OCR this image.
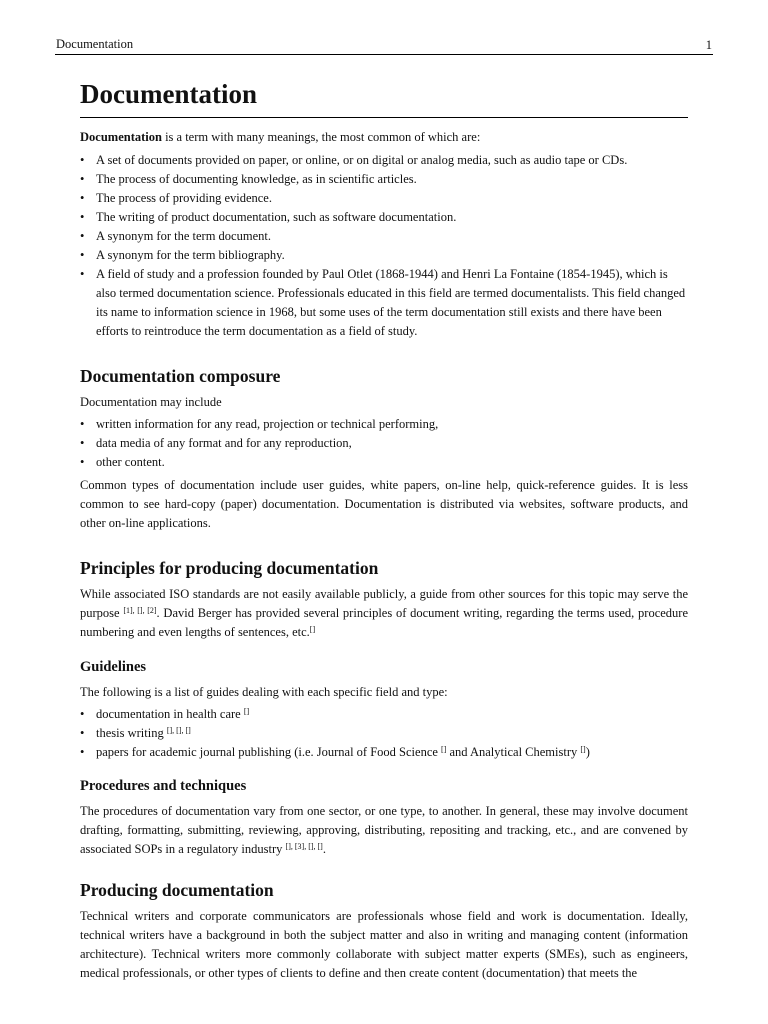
Documentation	1
Documentation

Documentation is a term with many meanings, the most common of which are:

• A set of documents provided on paper, or online, or on digital or analog media, such as audio tape or CDs.
• The process of documenting knowledge, as in scientific articles.
• The process of providing evidence.
• The writing of product documentation, such as software documentation.
• A synonym for the term document.
• A synonym for the term bibliography.
• A field of study and a profession founded by Paul Otlet (1868-1944) and Henri La Fontaine (1854-1945), which is also termed documentation science. Professionals educated in this field are termed documentalists. This field changed its name to information science in 1968, but some uses of the term documentation still exists and there have been efforts to reintroduce the term documentation as a field of study.
Documentation composure

Documentation may include

• written information for any read, projection or technical performing,
• data media of any format and for any reproduction,
• other content.

Common types of documentation include user guides, white papers, on-line help, quick-reference guides. It is less common to see hard-copy (paper) documentation. Documentation is distributed via websites, software products, and other on-line applications.

Principles for producing documentation

While associated ISO standards are not easily available publicly, a guide from other sources for this topic may serve the purpose [1], [], [2]. David Berger has provided several principles of document writing, regarding the terms used, procedure numbering and even lengths of sentences, etc.[]

Guidelines

The following is a list of guides dealing with each specific field and type:

• documentation in health care []
• thesis writing [], [], []
• papers for academic journal publishing (i.e. Journal of Food Science [] and Analytical Chemistry [])
Procedures and techniques

The procedures of documentation vary from one sector, or one type, to another. In general, these may involve document drafting, formatting, submitting, reviewing, approving, distributing, repositing and tracking, etc., and are convened by associated SOPs in a regulatory industry [], [3], [], [].

Producing documentation

Technical writers and corporate communicators are professionals whose field and work is documentation. Ideally, technical writers have a background in both the subject matter and also in writing and managing content (information architecture). Technical writers more commonly collaborate with subject matter experts (SMEs), such as engineers, medical professionals, or other types of clients to define and then create content (documentation) that meets the
